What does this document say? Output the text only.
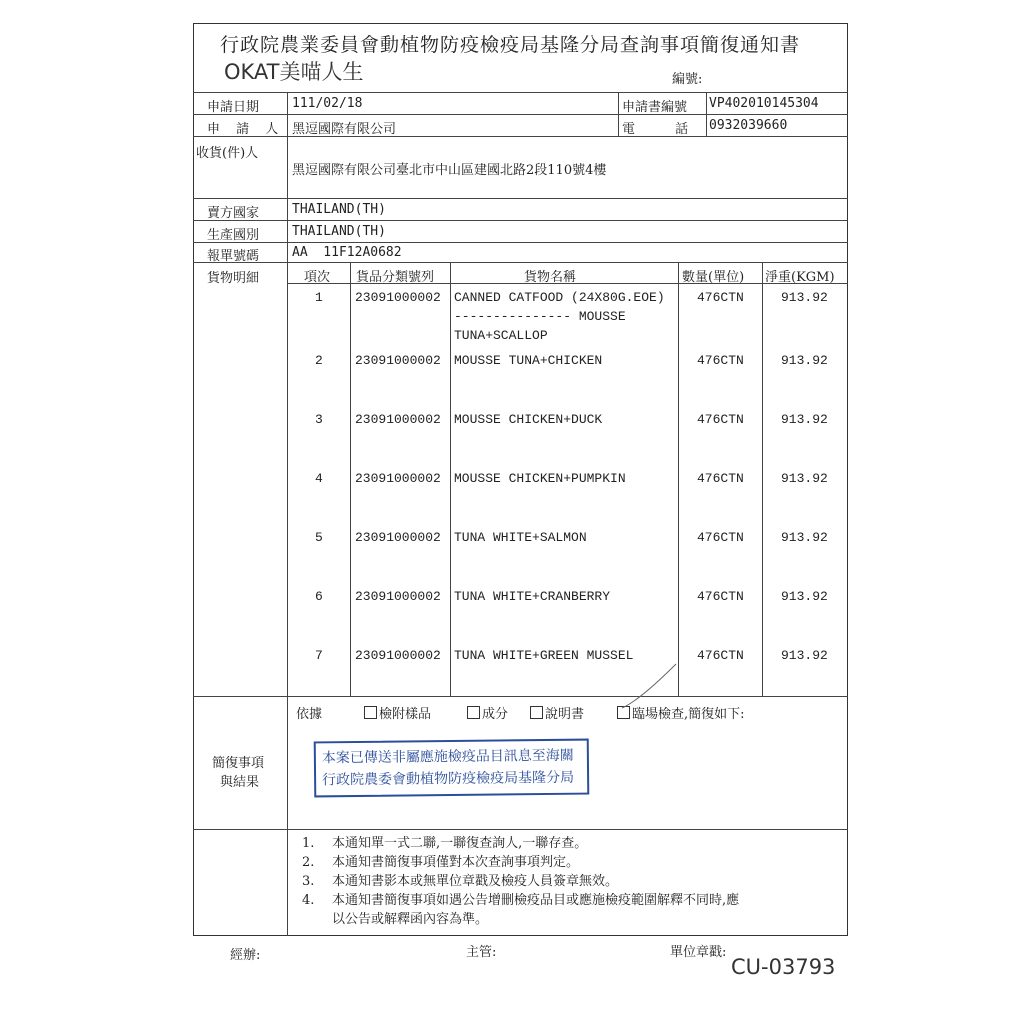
行政院農業委員會動植物防疫檢疫局基隆分局查詢事項簡復通知書
OKAT美喵人生	編號:
申請日期	111/02/18	申請書編號 VP402010145304
申 請 人 黑逗國際有限公司	電 話 0932039660
收貨(件)人
黑逗國際有限公司臺北市中山區建國北路2段110號4樓
賣方國家	THAILAND(TH)
生產國別	THAILAND(TH)
報單號碼	AA  11F12A0682
貨物明細	項次 貨品分類號列	貨物名稱	數量(單位) 淨重(KGM)
1 23091000002 CANNED CATFOOD (24X80G.EOE)
--------------- MOUSSE
TUNA+SCALLOP
476CTN	913.92
2 23091000002 MOUSSE TUNA+CHICKEN	476CTN	913.92
3 23091000002 MOUSSE CHICKEN+DUCK	476CTN	913.92
4 23091000002 MOUSSE CHICKEN+PUMPKIN	476CTN	913.92
5 23091000002 TUNA WHITE+SALMON	476CTN	913.92
6 23091000002 TUNA WHITE+CRANBERRY	476CTN	913.92
7 23091000002 TUNA WHITE+GREEN MUSSEL	476CTN	913.92
依據	檢附樣品	成分	說明書	臨場檢查,簡復如下:
簡復事項
與結果
本案已傳送非屬應施檢疫品目訊息至海關
行政院農委會動植物防疫檢疫局基隆分局
1. 本通知單一式二聯,一聯復查詢人,一聯存查。
2. 本通知書簡復事項僅對本次查詢事項判定。
3. 本通知書影本或無單位章戳及檢疫人員簽章無效。
4. 本通知書簡復事項如遇公告增刪檢疫品目或應施檢疫範圍解釋不同時,應
以公告或解釋函內容為準。
經辦:	主管:	單位章戳:
CU-03793
